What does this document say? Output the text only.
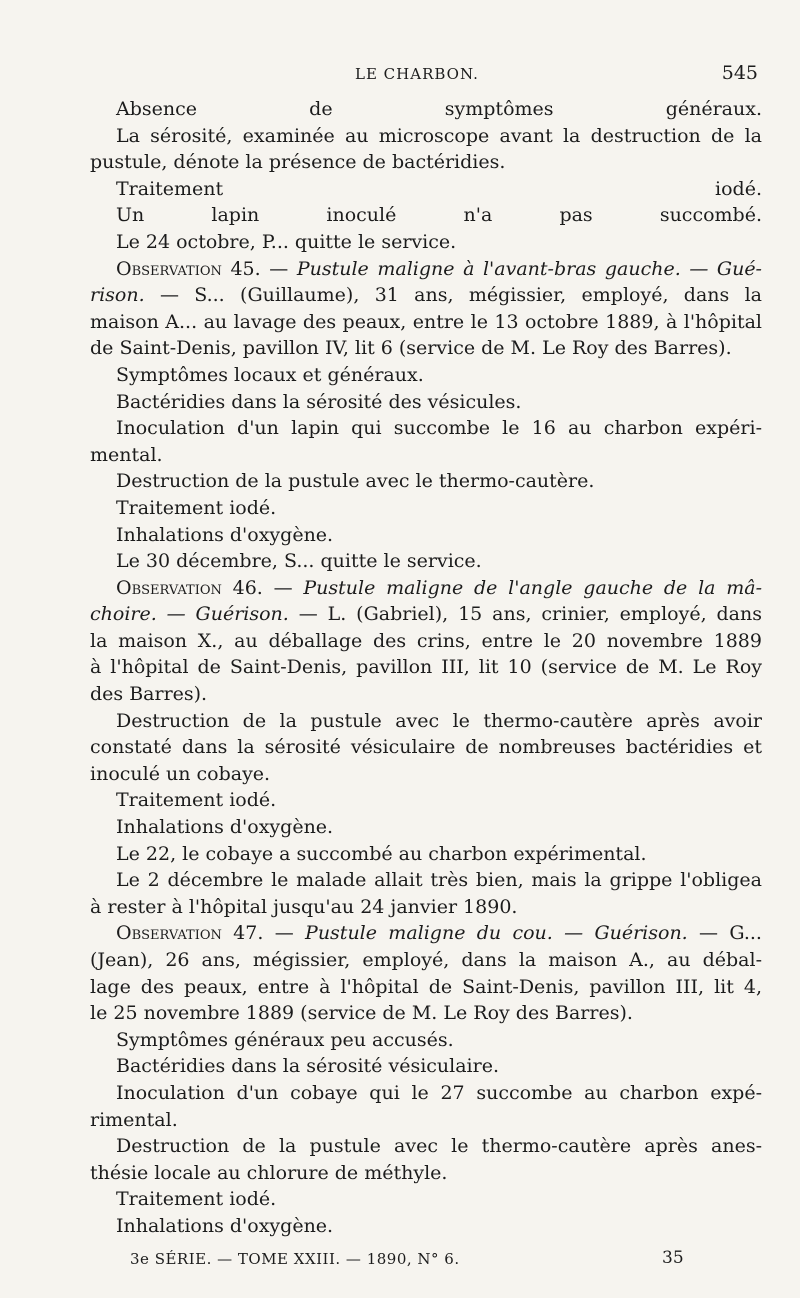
LE CHARBON.	545
Absence de symptômes généraux.
La sérosité, examinée au microscope avant la destruction de la
pustule, dénote la présence de bactéridies.
Traitement iodé.
Un lapin inoculé n'a pas succombé.
Le 24 octobre, P... quitte le service.
Observation 45. — Pustule maligne à l'avant-bras gauche. — Gué-
rison. — S... (Guillaume), 31 ans, mégissier, employé, dans la
maison A... au lavage des peaux, entre le 13 octobre 1889, à l'hôpital
de Saint-Denis, pavillon IV, lit 6 (service de M. Le Roy des Barres).
Symptômes locaux et généraux.
Bactéridies dans la sérosité des vésicules.
Inoculation d'un lapin qui succombe le 16 au charbon expéri-
mental.
Destruction de la pustule avec le thermo-cautère.
Traitement iodé.
Inhalations d'oxygène.
Le 30 décembre, S... quitte le service.
Observation 46. — Pustule maligne de l'angle gauche de la mâ-
choire. — Guérison. — L. (Gabriel), 15 ans, crinier, employé, dans
la maison X., au déballage des crins, entre le 20 novembre 1889
à l'hôpital de Saint-Denis, pavillon III, lit 10 (service de M. Le Roy
des Barres).
Destruction de la pustule avec le thermo-cautère après avoir
constaté dans la sérosité vésiculaire de nombreuses bactéridies et
inoculé un cobaye.
Traitement iodé.
Inhalations d'oxygène.
Le 22, le cobaye a succombé au charbon expérimental.
Le 2 décembre le malade allait très bien, mais la grippe l'obligea
à rester à l'hôpital jusqu'au 24 janvier 1890.
Observation 47. — Pustule maligne du cou. — Guérison. — G...
(Jean), 26 ans, mégissier, employé, dans la maison A., au débal-
lage des peaux, entre à l'hôpital de Saint-Denis, pavillon III, lit 4,
le 25 novembre 1889 (service de M. Le Roy des Barres).
Symptômes généraux peu accusés.
Bactéridies dans la sérosité vésiculaire.
Inoculation d'un cobaye qui le 27 succombe au charbon expé-
rimental.
Destruction de la pustule avec le thermo-cautère après anes-
thésie locale au chlorure de méthyle.
Traitement iodé.
Inhalations d'oxygène.
3e SÉRIE. — TOME XXIII. — 1890, N° 6.	35
